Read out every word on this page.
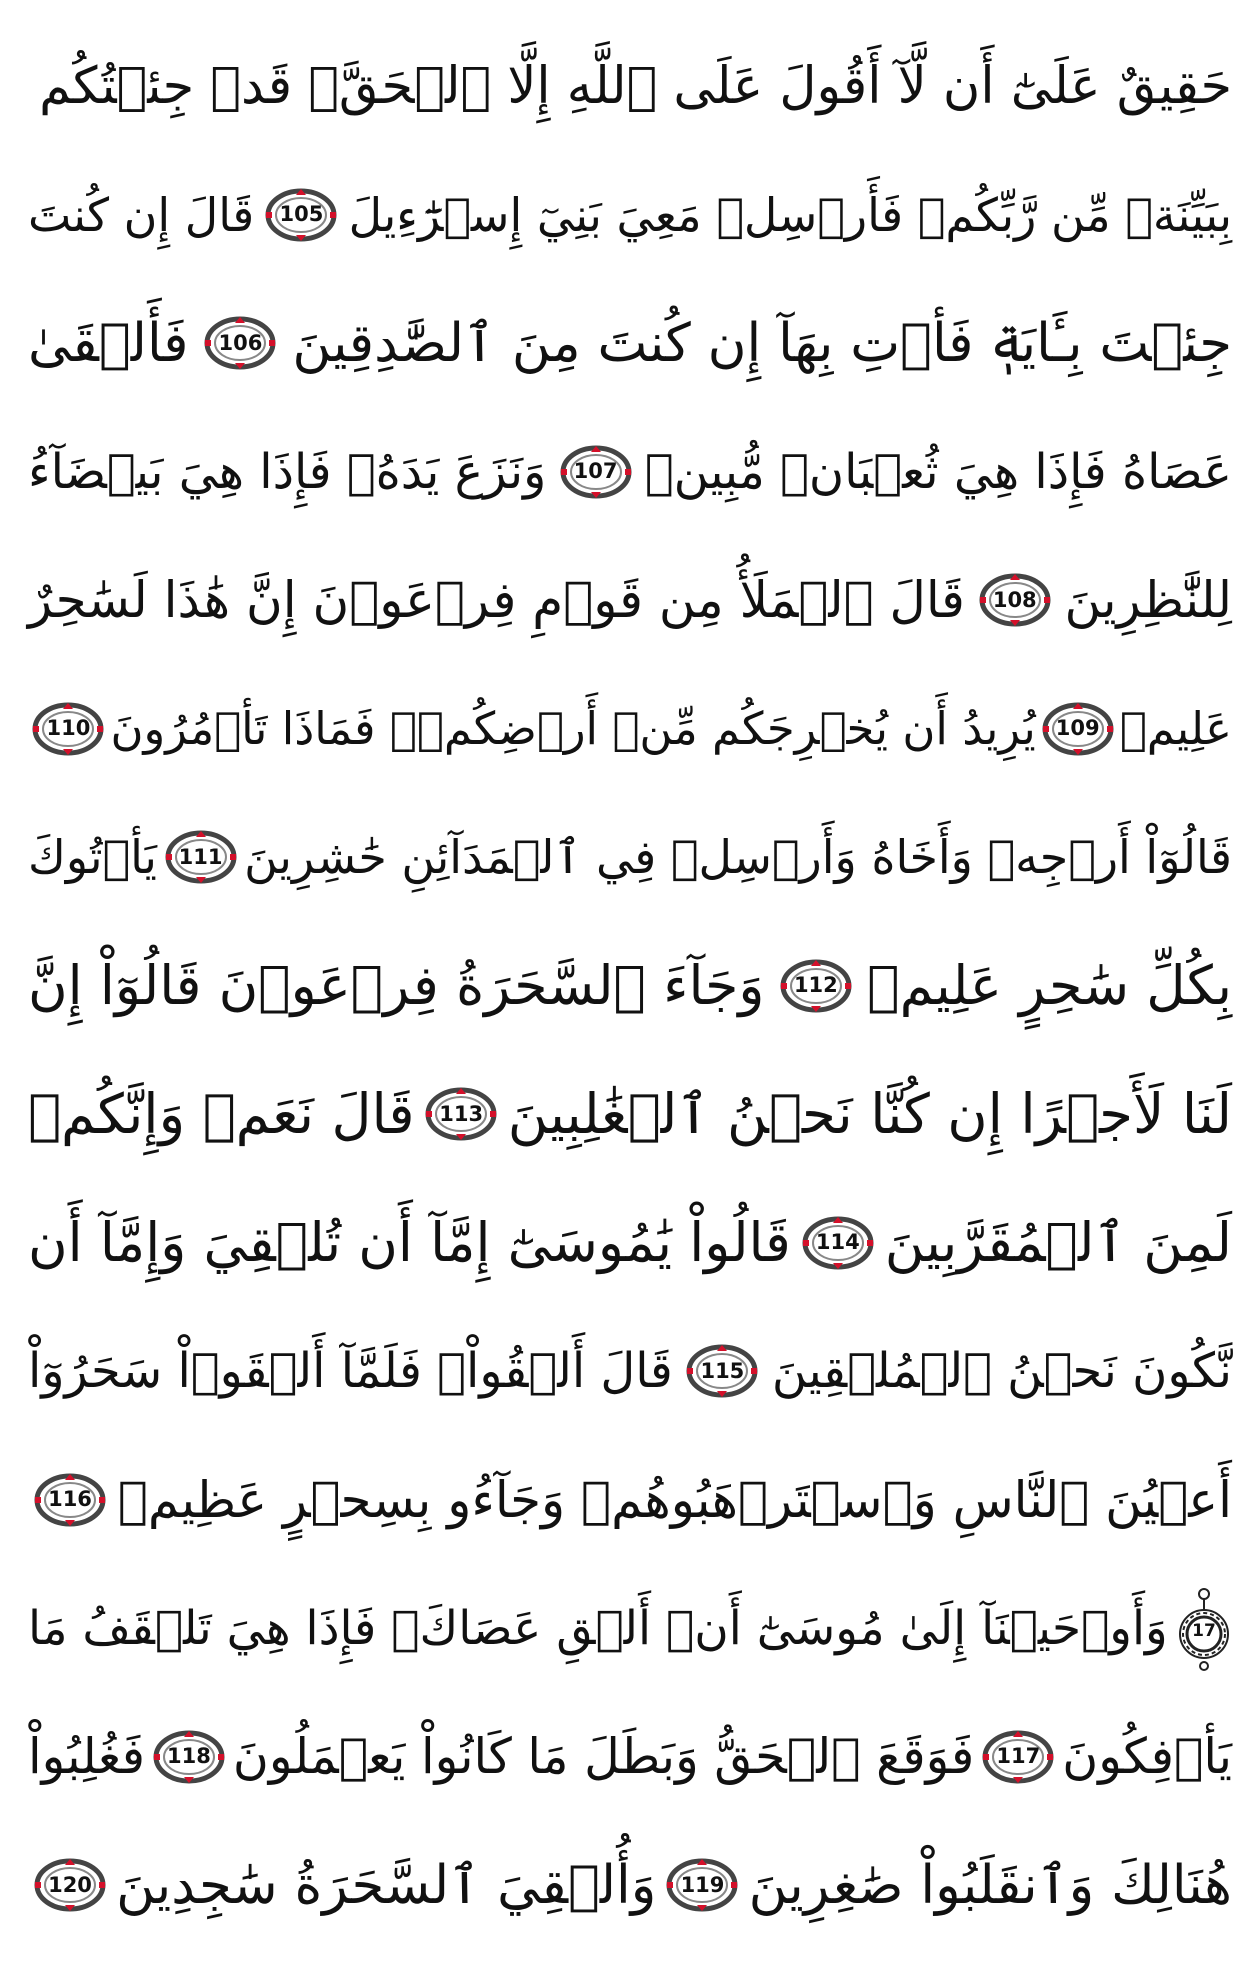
حَقِيقٌ عَلَىٰٓ أَن لَّآ أَقُولَ عَلَى ٱللَّهِ إِلَّا ٱلۡحَقَّۚ قَدۡ جِئۡتُكُم
بِبَيِّنَةٖ مِّن رَّبِّكُمۡ فَأَرۡسِلۡ مَعِيَ بَنِيٓ إِسۡرَٰٓءِيلَ
105
قَالَ إِن كُنتَ
جِئۡتَ بِـَٔايَةٖ فَأۡتِ بِهَآ إِن كُنتَ مِنَ ٱلصَّٰدِقِينَ
106
فَأَلۡقَىٰ
عَصَاهُ فَإِذَا هِيَ ثُعۡبَانٞ مُّبِينٞ
107
وَنَزَعَ يَدَهُۥ فَإِذَا هِيَ بَيۡضَآءُ
لِلنَّٰظِرِينَ
108
قَالَ ٱلۡمَلَأُ مِن قَوۡمِ فِرۡعَوۡنَ إِنَّ هَٰذَا لَسَٰحِرٌ
عَلِيمٞ
109
يُرِيدُ أَن يُخۡرِجَكُم مِّنۡ أَرۡضِكُمۡۖ فَمَاذَا تَأۡمُرُونَ
110
قَالُوٓاْ أَرۡجِهۡ وَأَخَاهُ وَأَرۡسِلۡ فِي ٱلۡمَدَآئِنِ حَٰشِرِينَ
111
يَأۡتُوكَ
بِكُلِّ سَٰحِرٍ عَلِيمٖ
112
وَجَآءَ ٱلسَّحَرَةُ فِرۡعَوۡنَ قَالُوٓاْ إِنَّ
لَنَا لَأَجۡرًا إِن كُنَّا نَحۡنُ ٱلۡغَٰلِبِينَ
113
قَالَ نَعَمۡ وَإِنَّكُمۡ
لَمِنَ ٱلۡمُقَرَّبِينَ
114
قَالُواْ يَٰمُوسَىٰٓ إِمَّآ أَن تُلۡقِيَ وَإِمَّآ أَن
نَّكُونَ نَحۡنُ ٱلۡمُلۡقِينَ
115
قَالَ أَلۡقُواْۖ فَلَمَّآ أَلۡقَوۡاْ سَحَرُوٓاْ
أَعۡيُنَ ٱلنَّاسِ وَٱسۡتَرۡهَبُوهُمۡ وَجَآءُو بِسِحۡرٍ عَظِيمٖ
116
17
وَأَوۡحَيۡنَآ إِلَىٰ مُوسَىٰٓ أَنۡ أَلۡقِ عَصَاكَۖ فَإِذَا هِيَ تَلۡقَفُ مَا
يَأۡفِكُونَ
117
فَوَقَعَ ٱلۡحَقُّ وَبَطَلَ مَا كَانُواْ يَعۡمَلُونَ
118
فَغُلِبُواْ
هُنَالِكَ وَٱنقَلَبُواْ صَٰغِرِينَ
119
وَأُلۡقِيَ ٱلسَّحَرَةُ سَٰجِدِينَ
120
